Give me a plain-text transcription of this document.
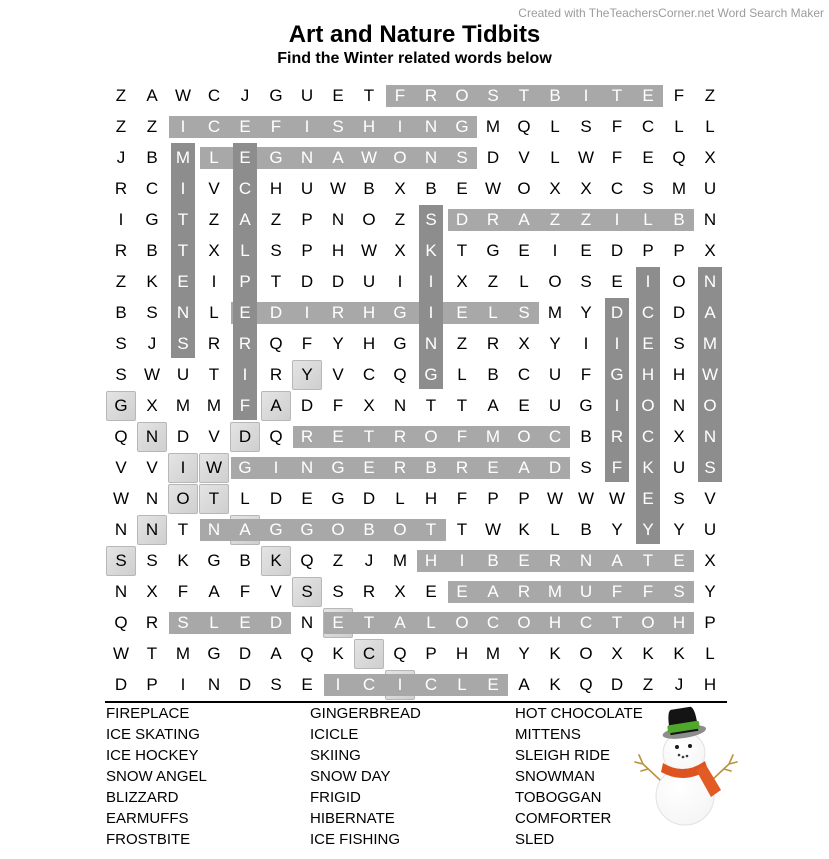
Created with TheTeachersCorner.net Word Search Maker
Art and Nature Tidbits
Find the Winter related words below
Z	A	W C	J	G	U	E	T	F	R	O	S	T	B	I	T	E	F	Z
Z	Z	I	C	E	F	I	S	H	I	N	G	M	Q	L	S	F	C	L	L
J	B	M	L	E	G	N	A	W O	N	S	D	V	L	W	F	E	Q	X
R	C	I	V	C	H	U W	B	X	B	E	W O	X	X	C	S	M	U
I	G	T	Z	A	Z	P	N	O	Z	S	D	R	A	Z	Z	I	L	B	N
R	B	T	X	L	S	P	H W	X	K	T	G	E	I	E	D	P	P	X
Z	K	E	I	P	T	D	D	U	I	I	X	Z	L	O	S	E	I	O	N
B	S	N	L	E	D	I	R	H	G	I	E	L	S	M	Y	D	C	D	A
S	J	S	R	R	Q	F	Y	H	G	N	Z	R	X	Y	I	I	E	S	M
S	W U	T	I	R	Y	V	C	Q	G	L	B	C	U	F	G	H	H W
G	X	M M	F	A	D	F	X	N	T	T	A	E	U	G	I	O	N	O
Q	N	D	V	D	Q	R	E	T	R	O	F	M	O	C	B	R	C	X	N
V	V	I	W G	I	N	G	E	R	B	R	E	A	D	S	F	K	U	S
W N	O	T	L	D	E	G	D	L	H	F	P	P	W W W	E	S	V
N	N	T	N	A	G	G	O	B	O	T	T	W	K	L	B	Y	Y	Y	U
S	S	K	G	B	K	Q	Z	J	M	H	I	B	E	R	N	A	T	E	X
N	X	F	A	F	V	S	S	R	X	E	E	A	R	M	U	F	F	S	Y
Q	R	S	L	E	D	N	E	T	A	L	O	C	O	H	C	T	O	H	P
W	T	M	G	D	A	Q	K	C	Q	P	H	M	Y	K	O	X	K	K	L
D	P	I	N	D	S	E	I	C	I	C	L	E	A	K	Q	D	Z	J	H
FIREPLACE
ICE SKATING
ICE HOCKEY
SNOW ANGEL
BLIZZARD
EARMUFFS
FROSTBITE
GINGERBREAD
ICICLE
SKIING
SNOW DAY
FRIGID
HIBERNATE
ICE FISHING
HOT CHOCOLATE
MITTENS
SLEIGH RIDE
SNOWMAN
TOBOGGAN
COMFORTER
SLED
